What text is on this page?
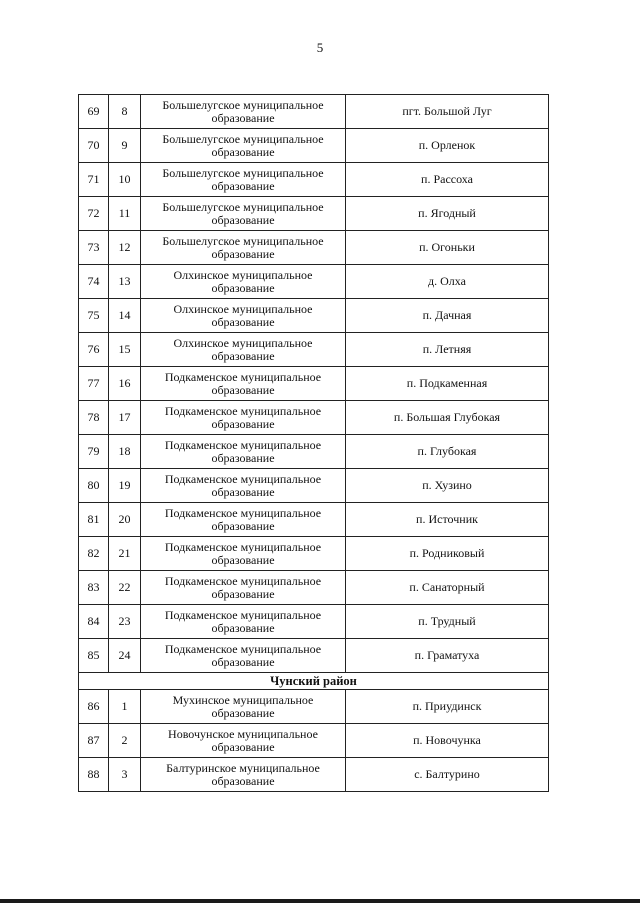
5
69	8	Большелугское муниципальное образование	пгт. Большой Луг
70	9	Большелугское муниципальное образование	п. Орленок
71	10	Большелугское муниципальное образование	п. Рассоха
72	11	Большелугское муниципальное образование	п. Ягодный
73	12	Большелугское муниципальное образование	п. Огоньки
74	13	Олхинское муниципальное образование	д. Олха
75	14	Олхинское муниципальное образование	п. Дачная
76	15	Олхинское муниципальное образование	п. Летняя
77	16	Подкаменское муниципальное образование	п. Подкаменная
78	17	Подкаменское муниципальное образование	п. Большая Глубокая
79	18	Подкаменское муниципальное образование	п. Глубокая
80	19	Подкаменское муниципальное образование	п. Хузино
81	20	Подкаменское муниципальное образование	п. Источник
82	21	Подкаменское муниципальное образование	п. Родниковый
83	22	Подкаменское муниципальное образование	п. Санаторный
84	23	Подкаменское муниципальное образование	п. Трудный
85	24	Подкаменское муниципальное образование	п. Граматуха
Чунский район			
86	1	Мухинское муниципальное образование	п. Приудинск
87	2	Новочунское муниципальное образование	п. Новочунка
88	3	Балтуринское муниципальное образование	с. Балтурино
